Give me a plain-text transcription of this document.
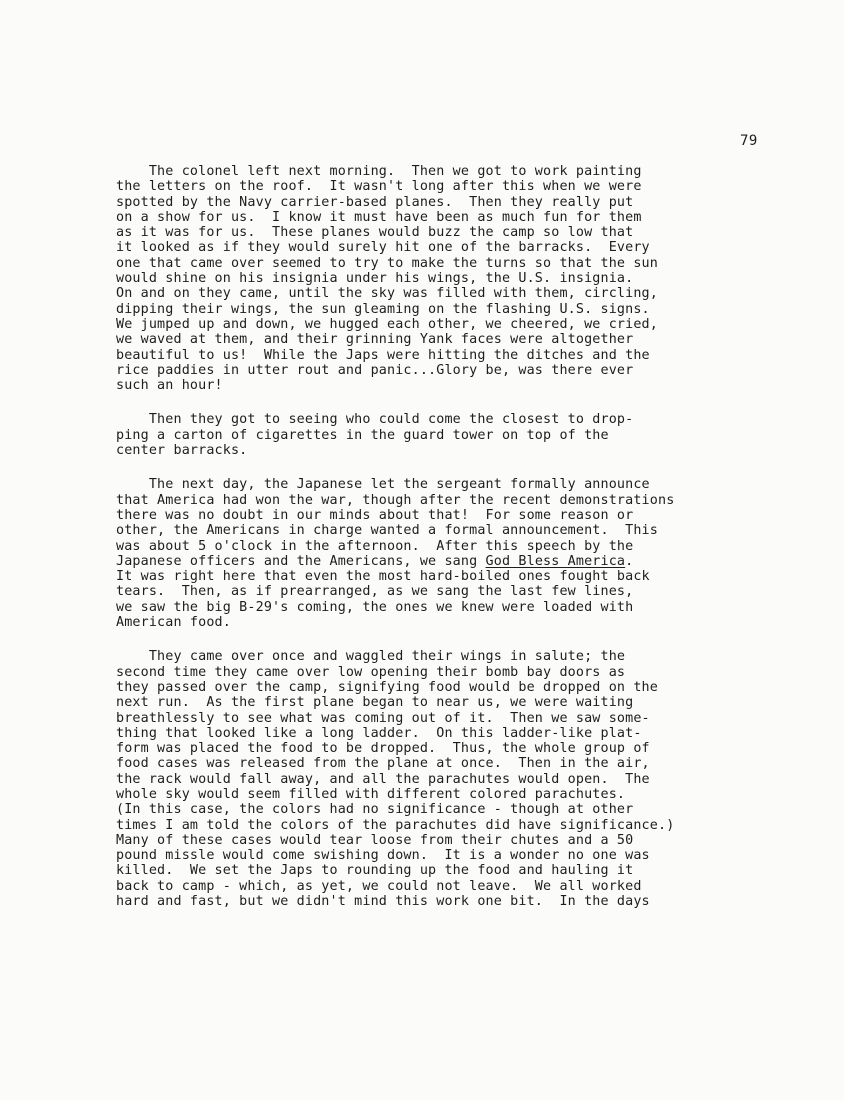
79
The colonel left next morning.  Then we got to work painting
the letters on the roof.  It wasn't long after this when we were
spotted by the Navy carrier-based planes.  Then they really put
on a show for us.  I know it must have been as much fun for them
as it was for us.  These planes would buzz the camp so low that
it looked as if they would surely hit one of the barracks.  Every
one that came over seemed to try to make the turns so that the sun
would shine on his insignia under his wings, the U.S. insignia.
On and on they came, until the sky was filled with them, circling,
dipping their wings, the sun gleaming on the flashing U.S. signs.
We jumped up and down, we hugged each other, we cheered, we cried,
we waved at them, and their grinning Yank faces were altogether
beautiful to us!  While the Japs were hitting the ditches and the
rice paddies in utter rout and panic...Glory be, was there ever
such an hour!
Then they got to seeing who could come the closest to drop-
ping a carton of cigarettes in the guard tower on top of the
center barracks.
The next day, the Japanese let the sergeant formally announce
that America had won the war, though after the recent demonstrations
there was no doubt in our minds about that!  For some reason or
other, the Americans in charge wanted a formal announcement.  This
was about 5 o'clock in the afternoon.  After this speech by the
Japanese officers and the Americans, we sang God Bless America.
It was right here that even the most hard-boiled ones fought back
tears.  Then, as if prearranged, as we sang the last few lines,
we saw the big B-29's coming, the ones we knew were loaded with
American food.
They came over once and waggled their wings in salute; the
second time they came over low opening their bomb bay doors as
they passed over the camp, signifying food would be dropped on the
next run.  As the first plane began to near us, we were waiting
breathlessly to see what was coming out of it.  Then we saw some-
thing that looked like a long ladder.  On this ladder-like plat-
form was placed the food to be dropped.  Thus, the whole group of
food cases was released from the plane at once.  Then in the air,
the rack would fall away, and all the parachutes would open.  The
whole sky would seem filled with different colored parachutes.
(In this case, the colors had no significance - though at other
times I am told the colors of the parachutes did have significance.)
Many of these cases would tear loose from their chutes and a 50
pound missle would come swishing down.  It is a wonder no one was
killed.  We set the Japs to rounding up the food and hauling it
back to camp - which, as yet, we could not leave.  We all worked
hard and fast, but we didn't mind this work one bit.  In the days
